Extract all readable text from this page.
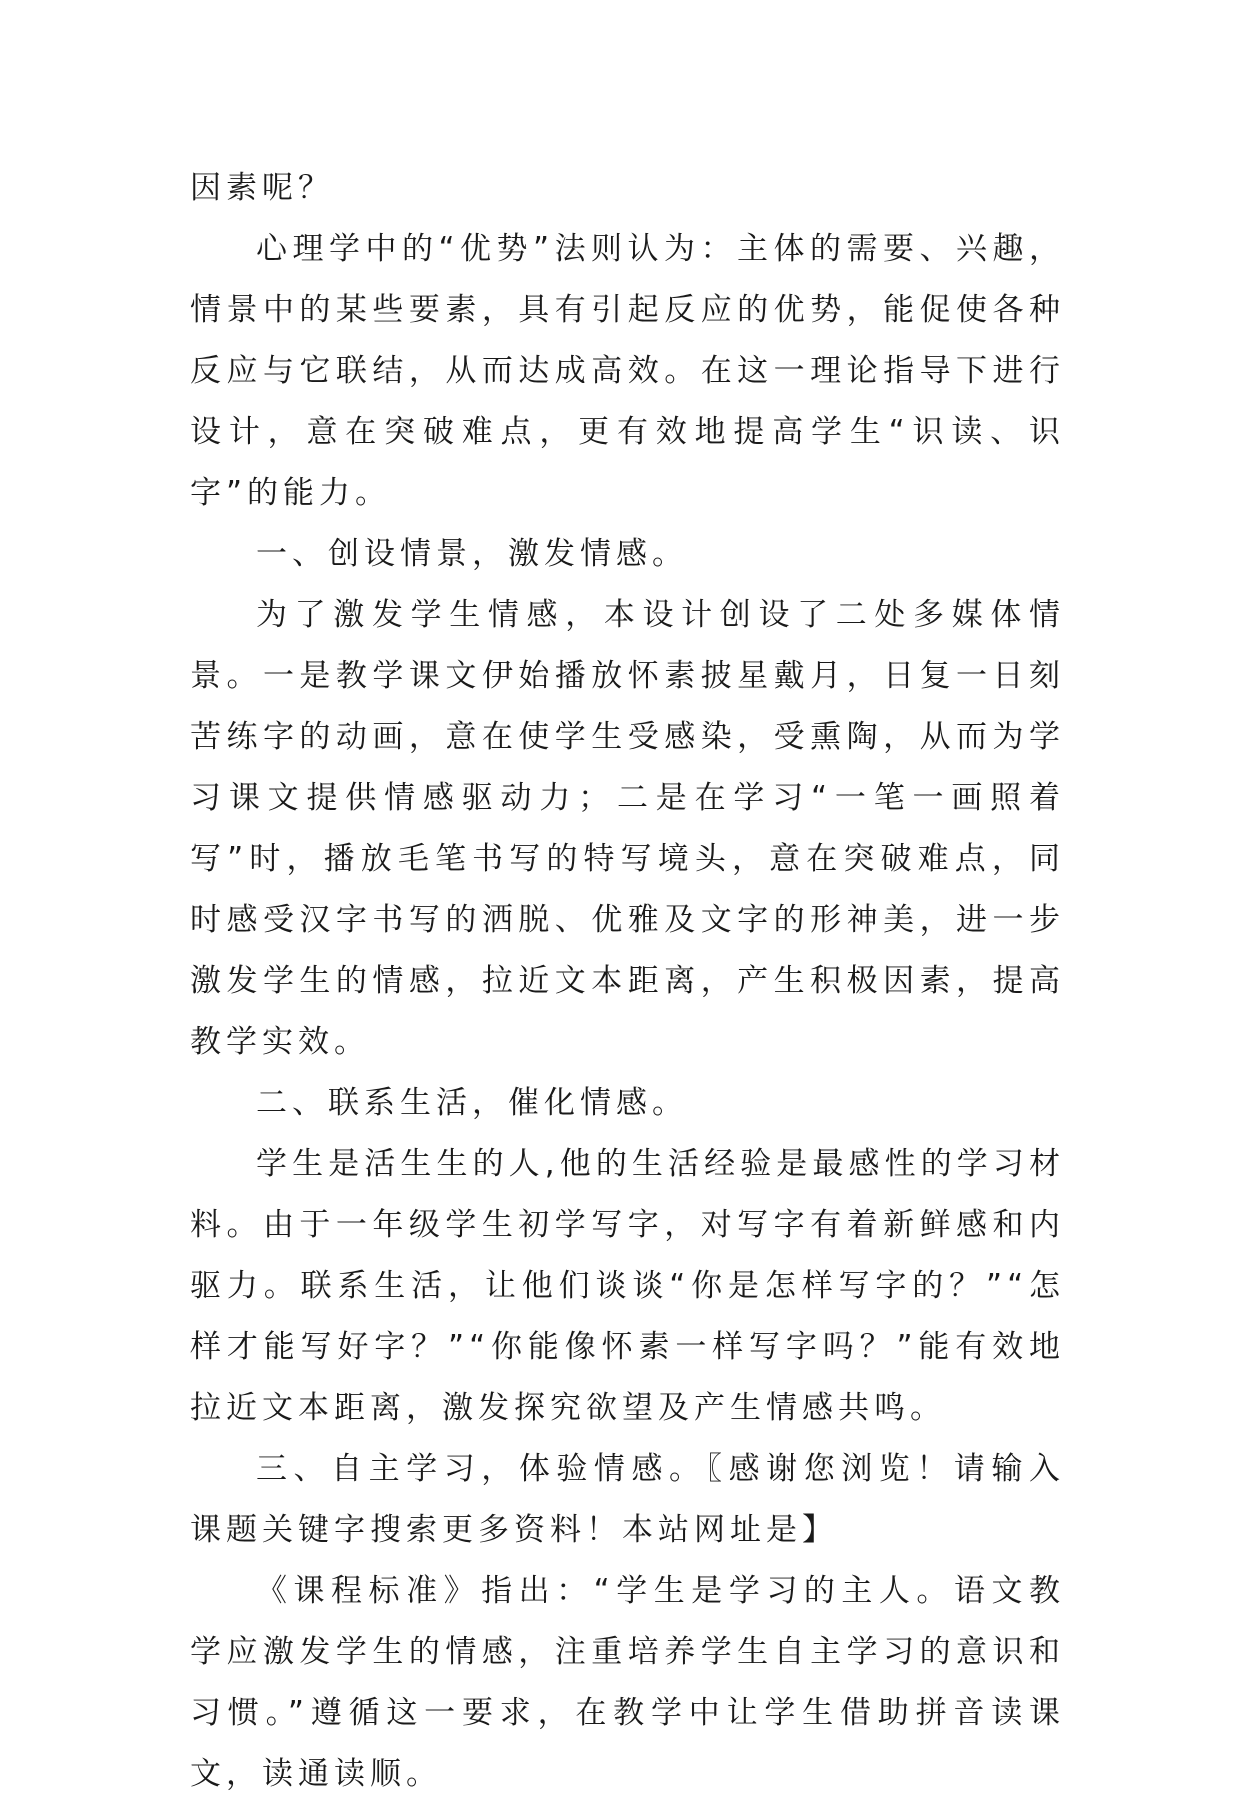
因素呢？

心理学中的“优势”法则认为：主体的需要、兴趣，情景中的某些要素，具有引起反应的优势，能促使各种反应与它联结，从而达成高效。在这一理论指导下进行设计，意在突破难点，更有效地提高学生“识读、识字”的能力。

一、创设情景，激发情感。

为了激发学生情感，本设计创设了二处多媒体情景。一是教学课文伊始播放怀素披星戴月，日复一日刻苦练字的动画，意在使学生受感染，受熏陶，从而为学习课文提供情感驱动力；二是在学习“一笔一画照着写”时，播放毛笔书写的特写境头，意在突破难点，同时感受汉字书写的洒脱、优雅及文字的形神美，进一步激发学生的情感，拉近文本距离，产生积极因素，提高教学实效。

二、联系生活，催化情感。

学生是活生生的人,他的生活经验是最感性的学习材料。由于一年级学生初学写字，对写字有着新鲜感和内驱力。联系生活，让他们谈谈“你是怎样写字的？”“怎样才能写好字？”“你能像怀素一样写字吗？”能有效地拉近文本距离，激发探究欲望及产生情感共鸣。

三、自主学习，体验情感。〖感谢您浏览！请输入课题关键字搜索更多资料！本站网址是】

《课程标准》指出：“学生是学习的主人。语文教学应激发学生的情感，注重培养学生自主学习的意识和习惯。”遵循这一要求，在教学中让学生借助拼音读课文，读通读顺。
